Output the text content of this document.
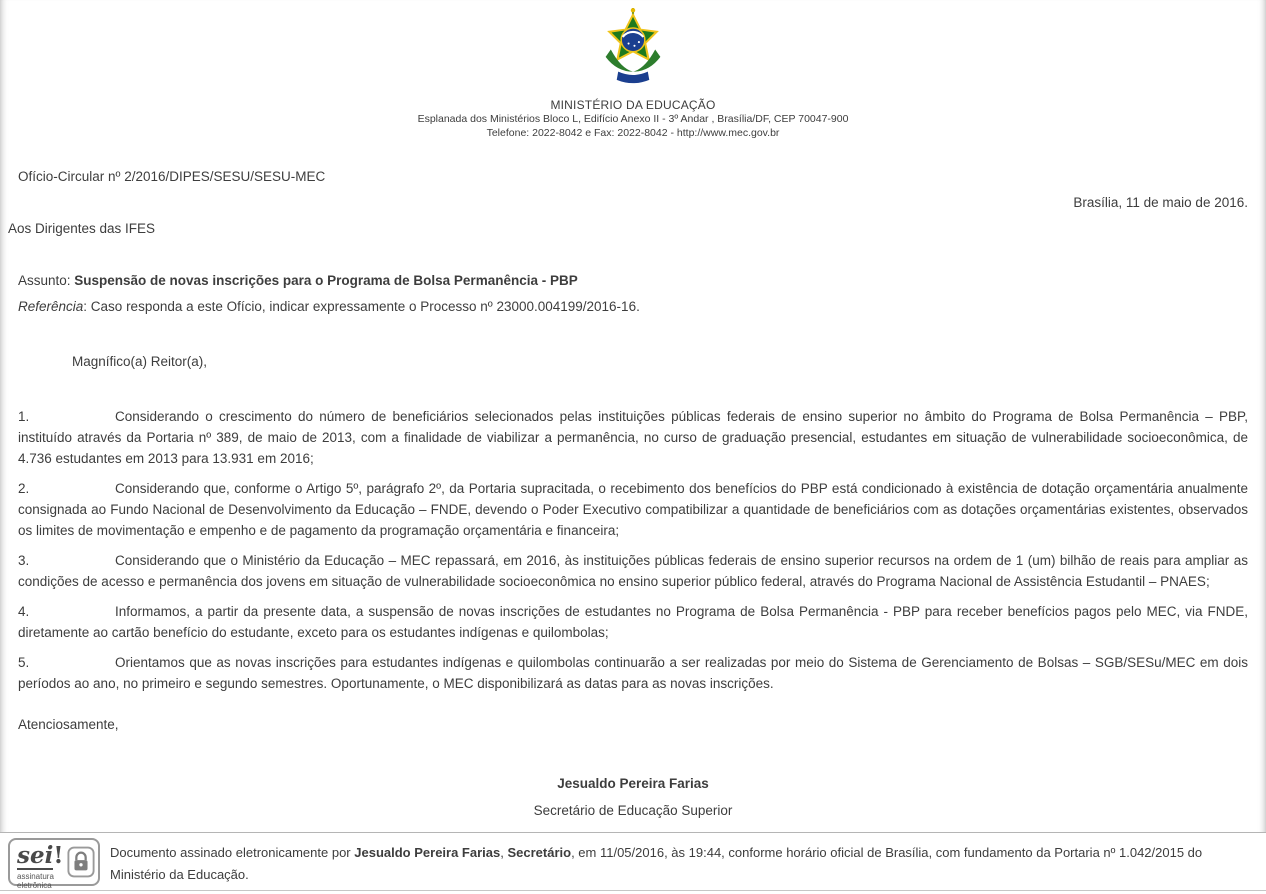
MINISTÉRIO DA EDUCAÇÃO
Esplanada dos Ministérios Bloco L, Edifício Anexo II - 3º Andar , Brasília/DF, CEP 70047-900
Telefone: 2022-8042 e Fax: 2022-8042 - http://www.mec.gov.br
Ofício-Circular nº 2/2016/DIPES/SESU/SESU-MEC
Brasília, 11 de maio de 2016.
Aos Dirigentes das IFES
Assunto: Suspensão de novas inscrições para o Programa de Bolsa Permanência - PBP
Referência: Caso responda a este Ofício, indicar expressamente o Processo nº 23000.004199/2016-16.
Magnífico(a) Reitor(a),

1.	Considerando o crescimento do número de beneficiários selecionados pelas instituições públicas federais de ensino superior no âmbito do Programa de Bolsa Permanência – PBP, instituído através da Portaria nº 389, de maio de 2013, com a finalidade de viabilizar a permanência, no curso de graduação presencial, estudantes em situação de vulnerabilidade socioeconômica, de 4.736 estudantes em 2013 para 13.931 em 2016;

2.	Considerando que, conforme o Artigo 5º, parágrafo 2º, da Portaria supracitada, o recebimento dos benefícios do PBP está condicionado à existência de dotação orçamentária anualmente consignada ao Fundo Nacional de Desenvolvimento da Educação – FNDE, devendo o Poder Executivo compatibilizar a quantidade de beneficiários com as dotações orçamentárias existentes, observados os limites de movimentação e empenho e de pagamento da programação orçamentária e financeira;

3.	Considerando que o Ministério da Educação – MEC repassará, em 2016, às instituições públicas federais de ensino superior recursos na ordem de 1 (um) bilhão de reais para ampliar as condições de acesso e permanência dos jovens em situação de vulnerabilidade socioeconômica no ensino superior público federal, através do Programa Nacional de Assistência Estudantil – PNAES;

4.	Informamos, a partir da presente data, a suspensão de novas inscrições de estudantes no Programa de Bolsa Permanência - PBP para receber benefícios pagos pelo MEC, via FNDE, diretamente ao cartão benefício do estudante, exceto para os estudantes indígenas e quilombolas;

5.	Orientamos que as novas inscrições para estudantes indígenas e quilombolas continuarão a ser realizadas por meio do Sistema de Gerenciamento de Bolsas – SGB/SESu/MEC em dois períodos ao ano, no primeiro e segundo semestres. Oportunamente, o MEC disponibilizará as datas para as novas inscrições.

Atenciosamente,
Jesualdo Pereira Farias
Secretário de Educação Superior
sei!
assinatura
eletrônica
Documento assinado eletronicamente por Jesualdo Pereira Farias, Secretário, em 11/05/2016, às 19:44, conforme horário oficial de Brasília, com fundamento da Portaria nº 1.042/2015 do Ministério da Educação.
